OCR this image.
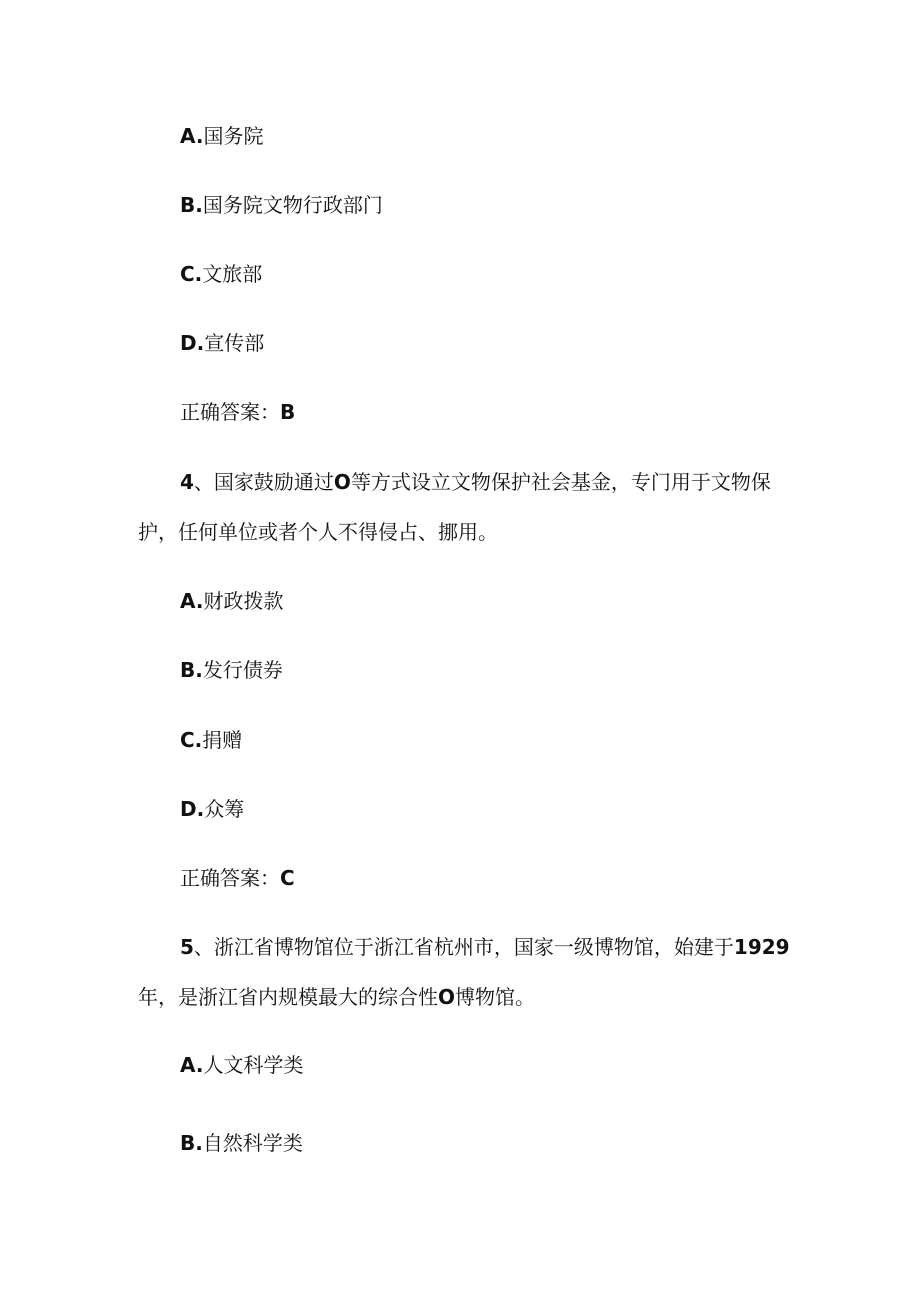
A.国务院
B.国务院文物行政部门
C.文旅部
D.宣传部
正确答案：B
4、国家鼓励通过O等方式设立文物保护社会基金，专门用于文物保
护，任何单位或者个人不得侵占、挪用。
A.财政拨款
B.发行债券
C.捐赠
D.众筹
正确答案：C
5、浙江省博物馆位于浙江省杭州市，国家一级博物馆，始建于1929
年，是浙江省内规模最大的综合性O博物馆。
A.人文科学类
B.自然科学类
